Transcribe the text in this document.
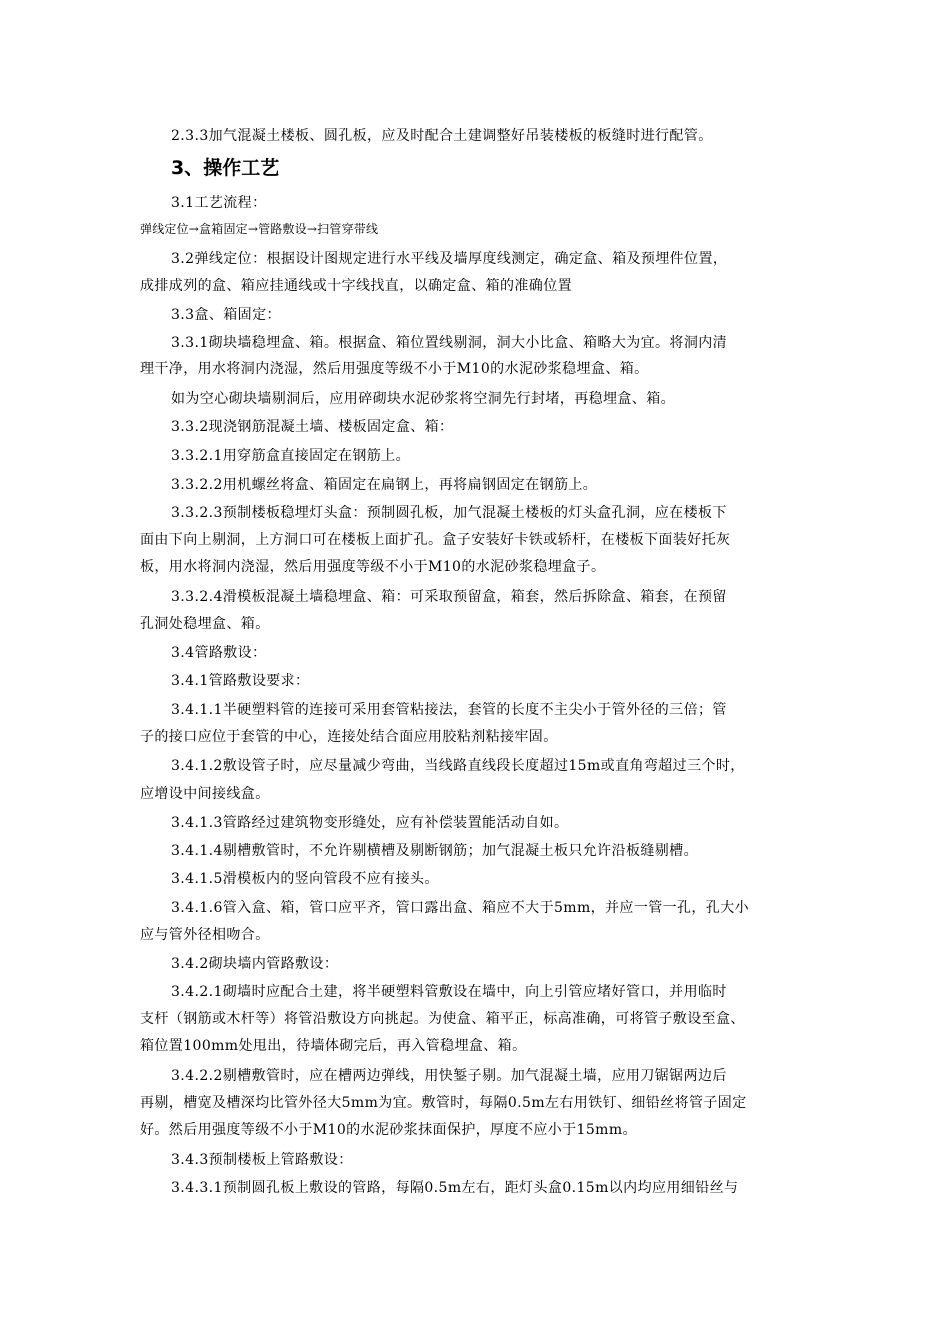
2.3.3加气混凝土楼板、圆孔板，应及时配合土建调整好吊装楼板的板缝时进行配管。
3、操作工艺
3.1工艺流程：
弹线定位→盒箱固定→管路敷设→扫管穿带线
3.2弹线定位：根据设计图规定进行水平线及墙厚度线测定，确定盒、箱及预埋件位置，
成排成列的盒、箱应挂通线或十字线找直，以确定盒、箱的准确位置
3.3盒、箱固定：
3.3.1砌块墙稳埋盒、箱。根据盒、箱位置线剔洞，洞大小比盒、箱略大为宜。将洞内清
理干净，用水将洞内浇湿，然后用强度等级不小于M10的水泥砂浆稳埋盒、箱。
如为空心砌块墙剔洞后，应用碎砌块水泥砂浆将空洞先行封堵，再稳埋盒、箱。
3.3.2现浇钢筋混凝土墙、楼板固定盒、箱：
3.3.2.1用穿筋盒直接固定在钢筋上。
3.3.2.2用机螺丝将盒、箱固定在扁钢上，再将扁钢固定在钢筋上。
3.3.2.3预制楼板稳埋灯头盒：预制圆孔板，加气混凝土楼板的灯头盒孔洞，应在楼板下
面由下向上剔洞，上方洞口可在楼板上面扩孔。盒子安装好卡铁或轿杆，在楼板下面装好托灰
板，用水将洞内浇湿，然后用强度等级不小于M10的水泥砂浆稳埋盒子。
3.3.2.4滑模板混凝土墙稳埋盒、箱：可采取预留盒，箱套，然后拆除盒、箱套，在预留
孔洞处稳埋盒、箱。
3.4管路敷设：
3.4.1管路敷设要求：
3.4.1.1半硬塑料管的连接可采用套管粘接法，套管的长度不主尖小于管外径的三倍；管
子的接口应位于套管的中心，连接处结合面应用胶粘剂粘接牢固。
3.4.1.2敷设管子时，应尽量减少弯曲，当线路直线段长度超过15m或直角弯超过三个时，
应增设中间接线盒。
3.4.1.3管路经过建筑物变形缝处，应有补偿装置能活动自如。
3.4.1.4剔槽敷管时，不允许剔横槽及剔断钢筋；加气混凝土板只允许沿板缝剔槽。
3.4.1.5滑模板内的竖向管段不应有接头。
3.4.1.6管入盒、箱，管口应平齐，管口露出盒、箱应不大于5mm，并应一管一孔，孔大小
应与管外径相吻合。
3.4.2砌块墙内管路敷设：
3.4.2.1砌墙时应配合土建，将半硬塑料管敷设在墙中，向上引管应堵好管口，并用临时
支杆（钢筋或木杆等）将管沿敷设方向挑起。为使盒、箱平正，标高准确，可将管子敷设至盒、
箱位置100mm处甩出，待墙体砌完后，再入管稳埋盒、箱。
3.4.2.2剔槽敷管时，应在槽两边弹线，用快錾子剔。加气混凝土墙，应用刀锯锯两边后
再剔，槽宽及槽深均比管外径大5mm为宜。敷管时，每隔0.5m左右用铁钉、细铅丝将管子固定
好。然后用强度等级不小于M10的水泥砂浆抹面保护，厚度不应小于15mm。
3.4.3预制楼板上管路敷设：
3.4.3.1预制圆孔板上敷设的管路，每隔0.5m左右，距灯头盒0.15m以内均应用细铅丝与
